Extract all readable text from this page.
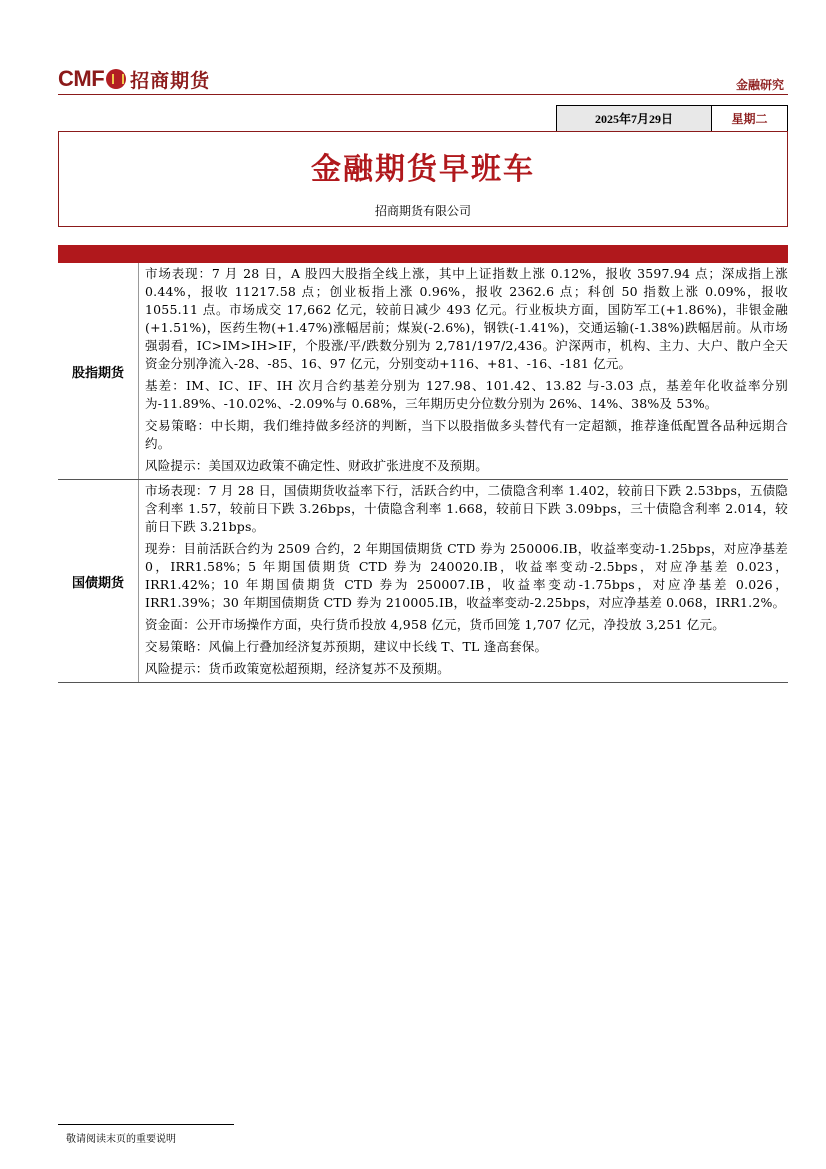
CMF 招商期货	金融研究
2025年7月29日	星期二
金融期货早班车
招商期货有限公司
股指期货	市场表现：7 月 28 日，A 股四大股指全线上涨，其中上证指数上涨 0.12%，报收 3597.94 点；深成指上涨 0.44%，报收 11217.58 点；创业板指上涨 0.96%，报收 2362.6 点；科创 50 指数上涨 0.09%，报收 1055.11 点。市场成交 17,662 亿元，较前日减少 493 亿元。行业板块方面，国防军工(+1.86%)，非银金融(+1.51%)，医药生物(+1.47%)涨幅居前；煤炭(-2.6%)，钢铁(-1.41%)，交通运输(-1.38%)跌幅居前。从市场强弱看，IC>IM>IH>IF，个股涨/平/跌数分别为 2,781/197/2,436。沪深两市，机构、主力、大户、散户全天资金分别净流入-28、-85、16、97 亿元，分别变动+116、+81、-16、-181 亿元。

基差：IM、IC、IF、IH 次月合约基差分别为 127.98、101.42、13.82 与-3.03 点，基差年化收益率分别为-11.89%、-10.02%、-2.09%与 0.68%，三年期历史分位数分别为 26%、14%、38%及 53%。

交易策略：中长期，我们维持做多经济的判断，当下以股指做多头替代有一定超额，推荐逢低配置各品种远期合约。

风险提示：美国双边政策不确定性、财政扩张进度不及预期。

国债期货	市场表现：7 月 28 日，国债期货收益率下行，活跃合约中，二债隐含利率 1.402，较前日下跌 2.53bps，五债隐含利率 1.57，较前日下跌 3.26bps，十债隐含利率 1.668，较前日下跌 3.09bps，三十债隐含利率 2.014，较前日下跌 3.21bps。

现券：目前活跃合约为 2509 合约，2 年期国债期货 CTD 券为 250006.IB，收益率变动-1.25bps，对应净基差 0，IRR1.58%；5 年期国债期货 CTD 券为 240020.IB，收益率变动-2.5bps，对应净基差 0.023，IRR1.42%；10 年期国债期货 CTD 券为 250007.IB，收益率变动-1.75bps，对应净基差 0.026，IRR1.39%；30 年期国债期货 CTD 券为 210005.IB，收益率变动-2.25bps，对应净基差 0.068，IRR1.2%。

资金面：公开市场操作方面，央行货币投放 4,958 亿元，货币回笼 1,707 亿元，净投放 3,251 亿元。

交易策略：风偏上行叠加经济复苏预期，建议中长线 T、TL 逢高套保。

风险提示：货币政策宽松超预期，经济复苏不及预期。

敬请阅读末页的重要说明
